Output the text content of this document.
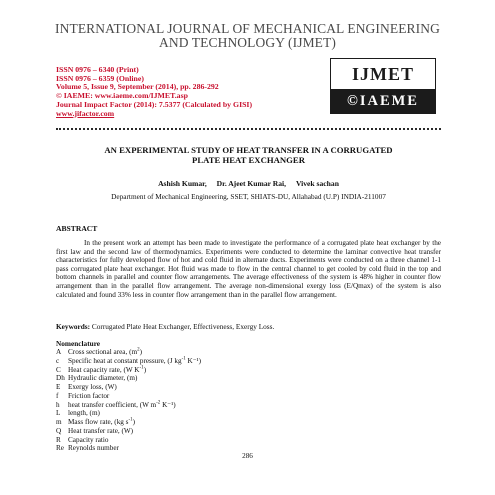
INTERNATIONAL JOURNAL OF MECHANICAL ENGINEERING
AND TECHNOLOGY (IJMET)
ISSN 0976 – 6340 (Print)
ISSN 0976 – 6359 (Online)
Volume 5, Issue 9, September (2014), pp. 286-292
© IAEME: www.iaeme.com/IJMET.asp
Journal Impact Factor (2014): 7.5377 (Calculated by GISI)
www.jifactor.com
IJMET
©IAEME
AN EXPERIMENTAL STUDY OF HEAT TRANSFER IN A CORRUGATED
PLATE HEAT EXCHANGER
Ashish Kumar, Dr. Ajeet Kumar Rai, Vivek sachan
Department of Mechanical Engineering, SSET, SHIATS-DU, Allahabad (U.P) INDIA-211007
ABSTRACT

In the present work an attempt has been made to investigate the performance of a corrugated plate heat exchanger by the first law and the second law of thermodynamics. Experiments were conducted to determine the laminar convective heat transfer characteristics for fully developed flow of hot and cold fluid in alternate ducts. Experiments were conducted on a three channel 1-1 pass corrugated plate heat exchanger. Hot fluid was made to flow in the central channel to get cooled by cold fluid in the top and bottom channels in parallel and counter flow arrangements. The average effectiveness of the system is 48% higher in counter flow arrangement than in the parallel flow arrangement. The average non-dimensional exergy loss (E/Qmax) of the system is also calculated and found 33% less in counter flow arrangement than in the parallel flow arrangement.

Keywords: Corrugated Plate Heat Exchanger, Effectiveness, Exergy Loss.
Nomenclature
A Cross sectional area, $(m^2)$
c Specific heat at constant pressure, (J $kg^{-1}$ K⁻¹)
C Heat capacity rate, (W $K^{-1}$)
Dh Hydraulic diameter, (m)
E Exergy loss, (W)
f Friction factor
h heat transfer coefficient, (W $m^{-2}$ K⁻¹)
L length, (m)
m Mass flow rate, (kg $s^{-1}$)
Q Heat transfer rate, (W)
R Capacity ratio
Re Reynolds number
286
